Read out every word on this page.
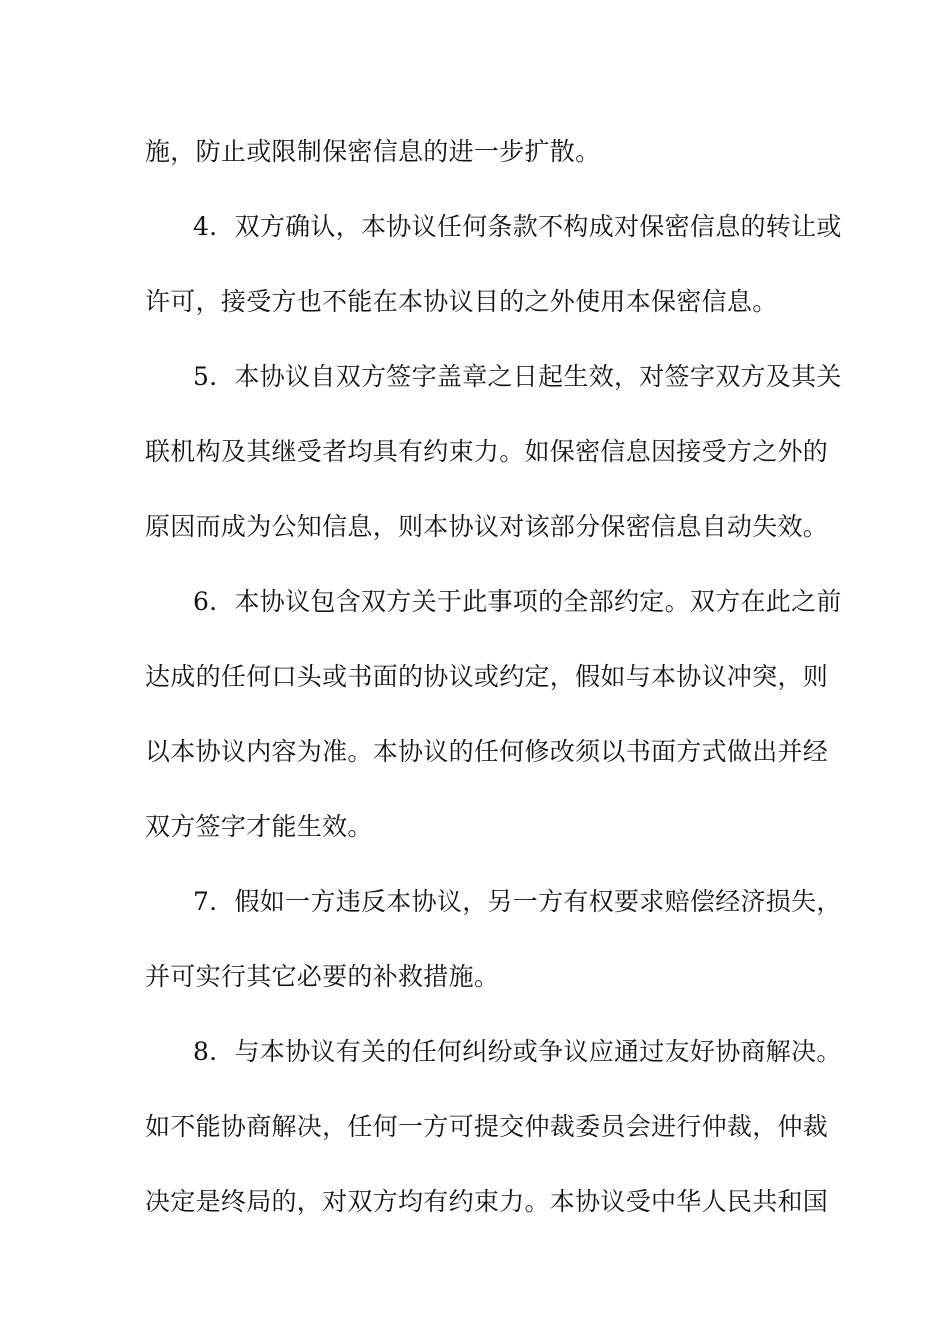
施，防止或限制保密信息的进一步扩散。
4．双方确认，本协议任何条款不构成对保密信息的转让或
许可，接受方也不能在本协议目的之外使用本保密信息。
5．本协议自双方签字盖章之日起生效，对签字双方及其关
联机构及其继受者均具有约束力。如保密信息因接受方之外的
原因而成为公知信息，则本协议对该部分保密信息自动失效。
6．本协议包含双方关于此事项的全部约定。双方在此之前
达成的任何口头或书面的协议或约定，假如与本协议冲突，则
以本协议内容为准。本协议的任何修改须以书面方式做出并经
双方签字才能生效。
7．假如一方违反本协议，另一方有权要求赔偿经济损失，
并可实行其它必要的补救措施。
8．与本协议有关的任何纠纷或争议应通过友好协商解决。
如不能协商解决，任何一方可提交仲裁委员会进行仲裁，仲裁
决定是终局的，对双方均有约束力。本协议受中华人民共和国
